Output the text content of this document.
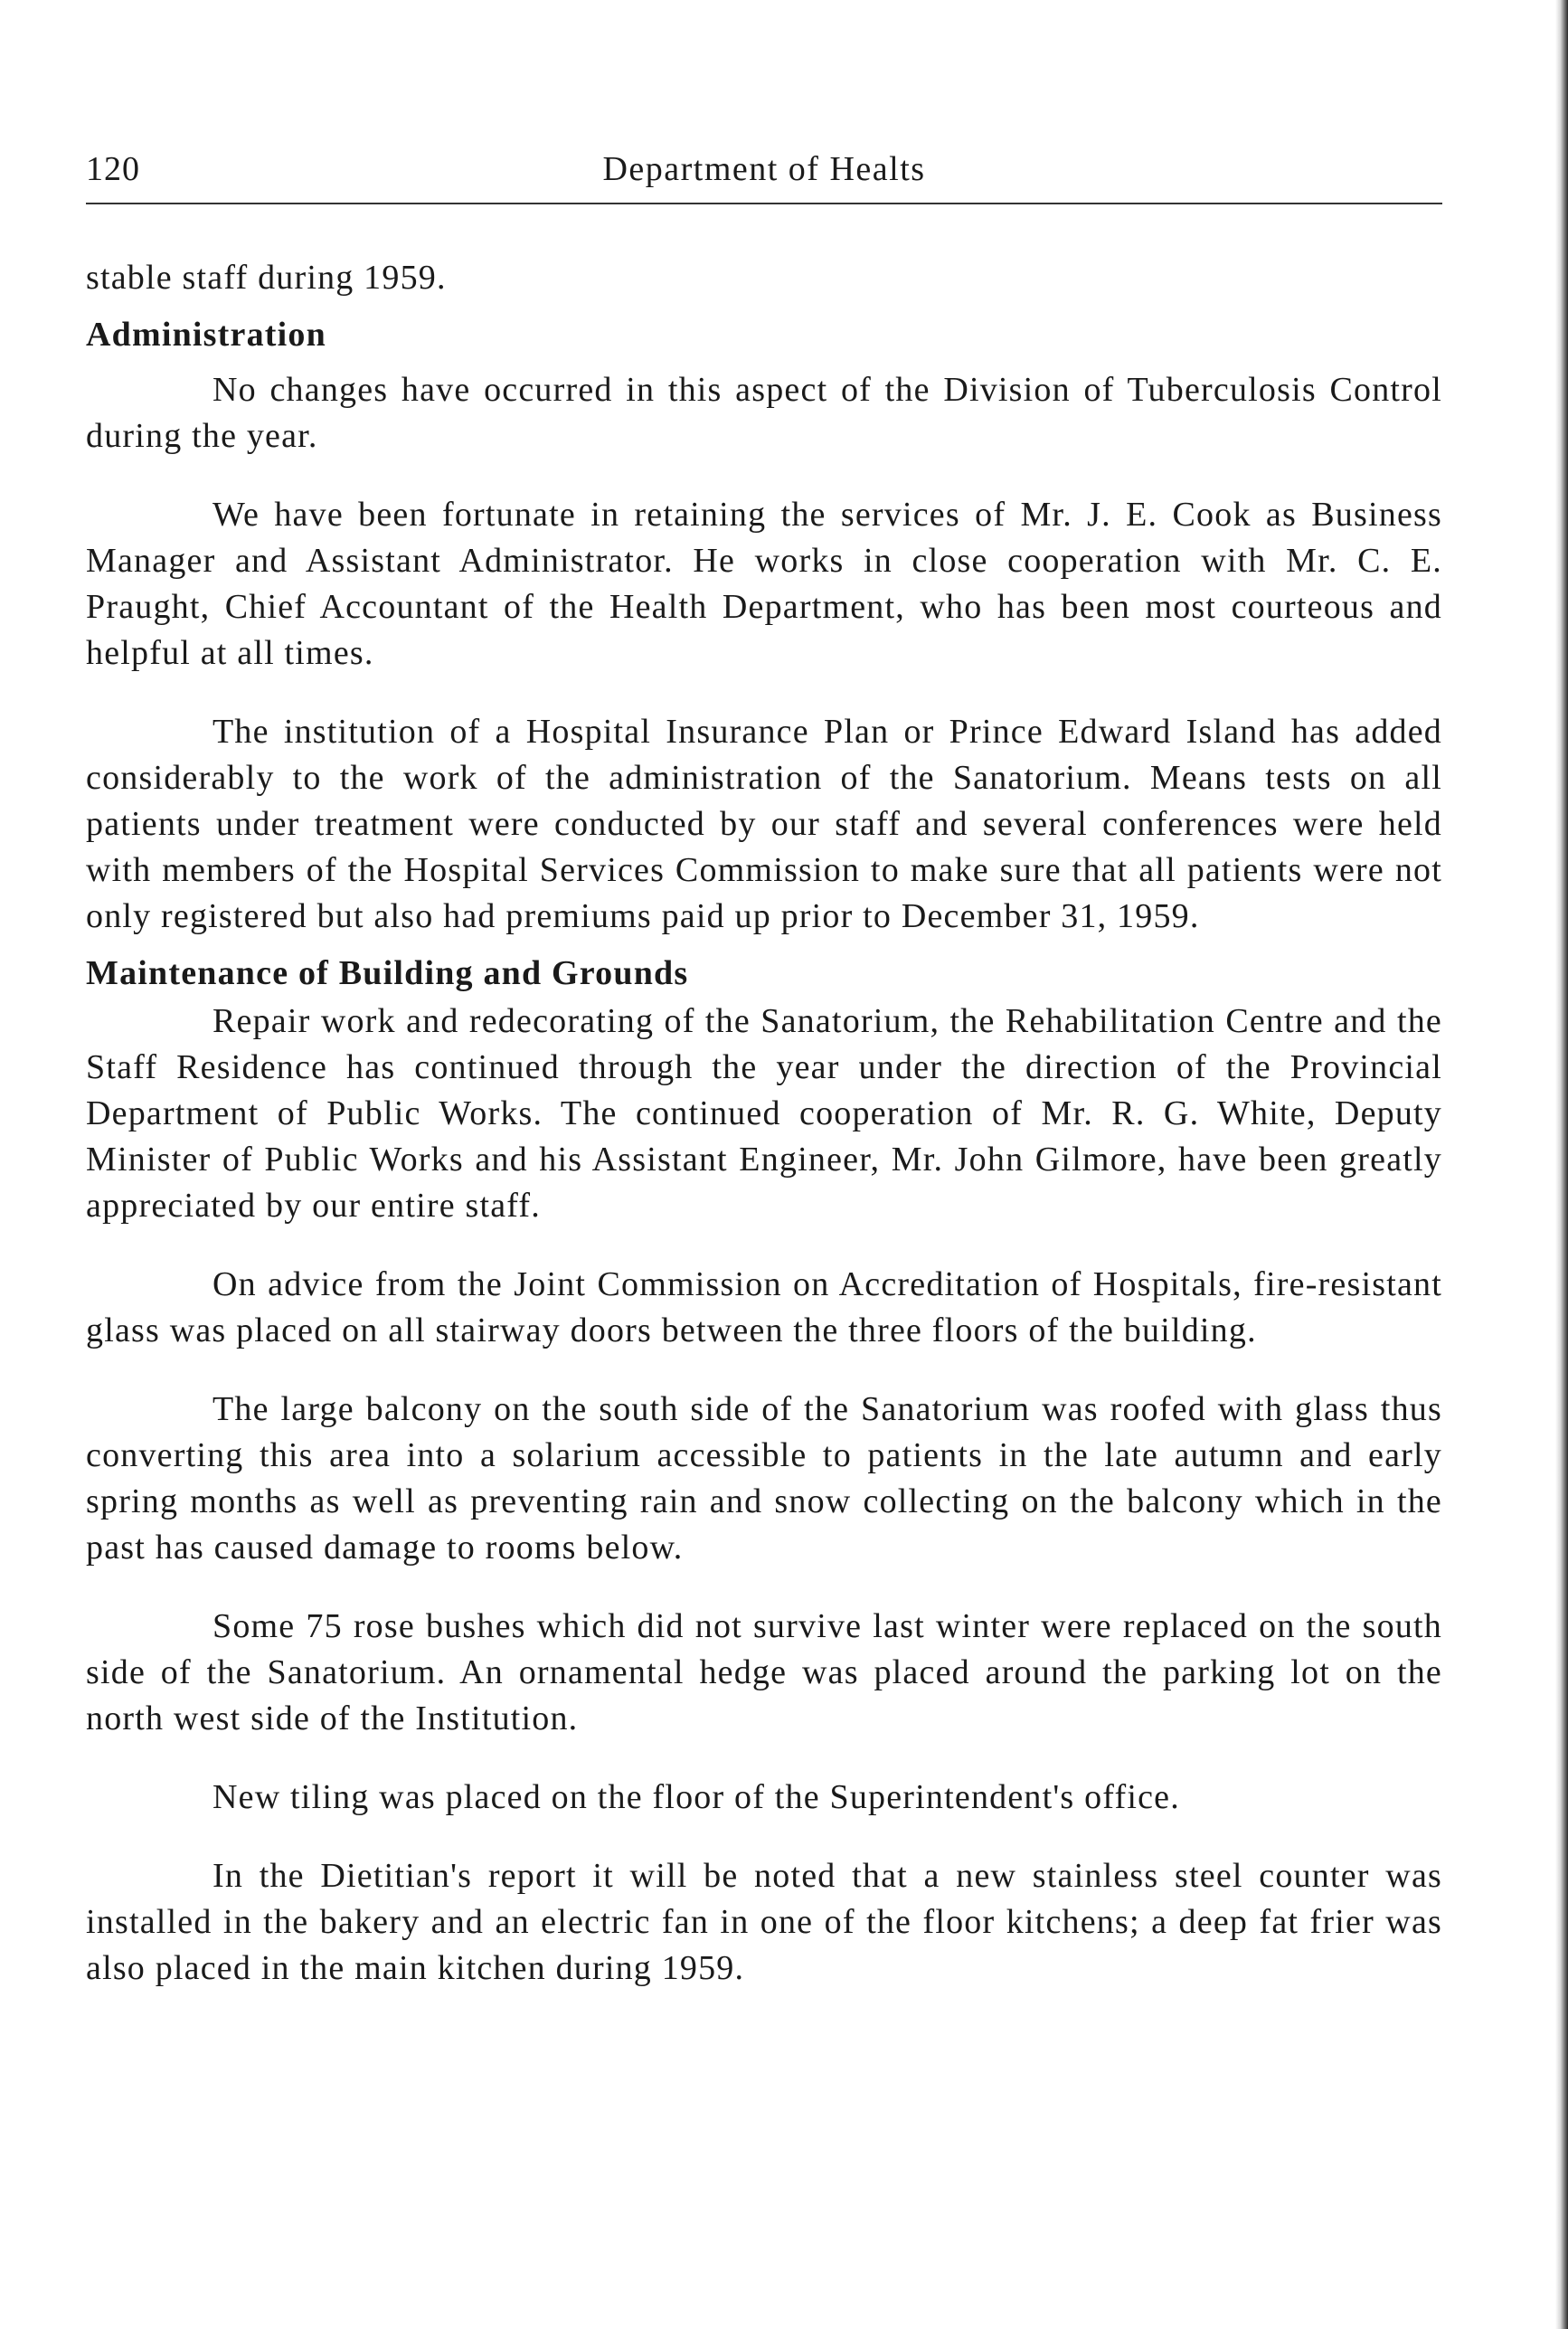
120	Department of Healts

stable staff during 1959.

Administration

No changes have occurred in this aspect of the Division of Tuberculosis Control during the year.

We have been fortunate in retaining the services of Mr. J. E. Cook as Business Manager and Assistant Administrator. He works in close cooperation with Mr. C. E. Praught, Chief Accountant of the Health Department, who has been most courteous and helpful at all times.

The institution of a Hospital Insurance Plan or Prince Edward Island has added considerably to the work of the administration of the Sanatorium. Means tests on all patients under treatment were conducted by our staff and several conferences were held with members of the Hospital Services Commission to make sure that all patients were not only registered but also had premiums paid up prior to December 31, 1959.

Maintenance of Building and Grounds

Repair work and redecorating of the Sanatorium, the Rehabilitation Centre and the Staff Residence has continued through the year under the direction of the Provincial Department of Public Works. The continued cooperation of Mr. R. G. White, Deputy Minister of Public Works and his Assistant Engineer, Mr. John Gilmore, have been greatly appreciated by our entire staff.

On advice from the Joint Commission on Accreditation of Hospitals, fire-resistant glass was placed on all stairway doors between the three floors of the building.

The large balcony on the south side of the Sanatorium was roofed with glass thus converting this area into a solarium accessible to patients in the late autumn and early spring months as well as preventing rain and snow collecting on the balcony which in the past has caused damage to rooms below.

Some 75 rose bushes which did not survive last winter were replaced on the south side of the Sanatorium. An ornamental hedge was placed around the parking lot on the north west side of the Institution.

New tiling was placed on the floor of the Superintendent's office.

In the Dietitian's report it will be noted that a new stainless steel counter was installed in the bakery and an electric fan in one of the floor kitchens; a deep fat frier was also placed in the main kitchen during 1959.
